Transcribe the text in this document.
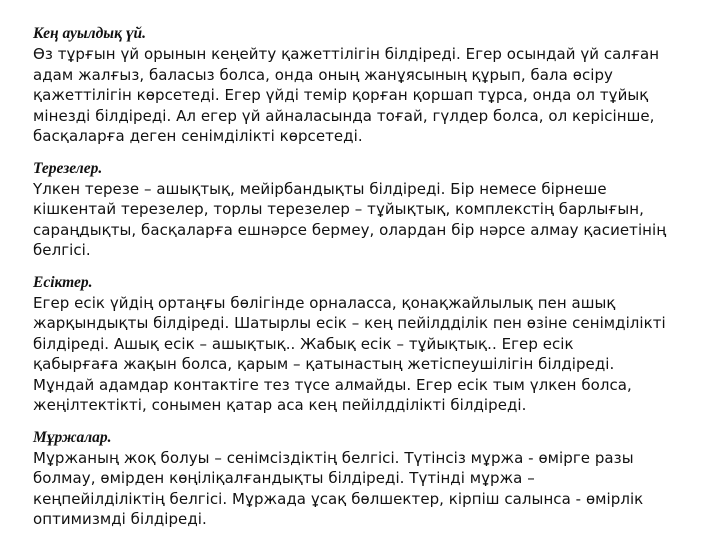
Кең ауылдық үй.
Өз тұрғын үй орынын кеңейту қажеттілігін білдіреді. Егер осындай үй салған
адам жалғыз, баласыз болса, онда оның жанұясының құрып, бала өсіру
қажеттілігін көрсетеді. Егер үйді темір қорған қоршап тұрса, онда ол тұйық
мінезді білдіреді. Ал егер үй айналасында тоғай, гүлдер болса, ол керісінше,
басқаларға деген сенімділікті көрсетеді.
Терезелер.
Үлкен терезе – ашықтық, мейірбандықты білдіреді. Бір немесе бірнеше
кішкентай терезелер, торлы терезелер – тұйықтық, комплекстің барлығын,
сараңдықты, басқаларға ешнәрсе бермеу, олардан бір нәрсе алмау қасиетінің
белгісі.
Есіктер.
Егер есік үйдің ортаңғы бөлігінде орналасса, қонақжайлылық пен ашық
жарқындықты білдіреді. Шатырлы есік – кең пейілдділік пен өзіне сенімділікті
білдіреді. Ашық есік – ашықтық.. Жабық есік – тұйықтық.. Егер есік
қабырғаға жақын болса, қарым – қатынастың жетіспеушілігін білдіреді.
Мұндай адамдар контактіге тез түсе алмайды. Егер есік тым үлкен болса,
жеңілтектікті, сонымен қатар аса кең пейілдділікті білдіреді.
Мұржалар.
Мұржаның жоқ болуы – сенімсіздіктің белгісі. Түтінсіз мұржа - өмірге разы
болмау, өмірден көңіліқалғандықты білдіреді. Түтінді мұржа –
кеңпейілділіктің белгісі. Мұржада ұсақ бөлшектер, кірпіш салынса - өмірлік
оптимизмді білдіреді.
